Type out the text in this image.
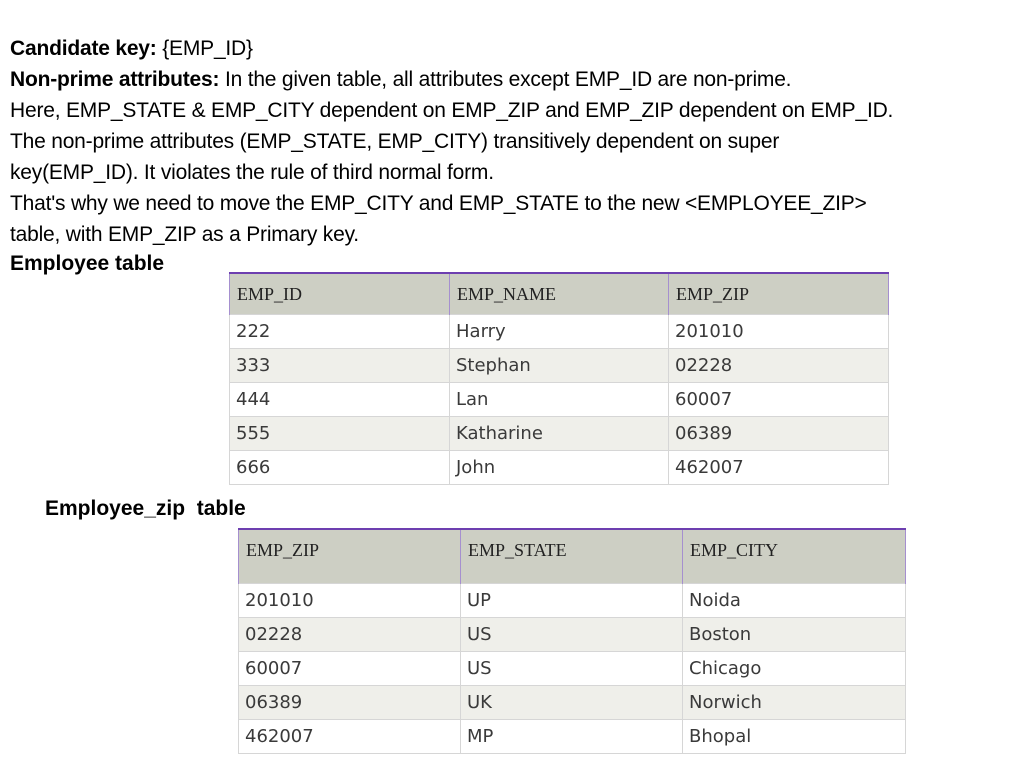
Candidate key: {EMP_ID}
Non-prime attributes: In the given table, all attributes except EMP_ID are non-prime.
Here, EMP_STATE & EMP_CITY dependent on EMP_ZIP and EMP_ZIP dependent on EMP_ID.
The non-prime attributes (EMP_STATE, EMP_CITY) transitively dependent on super
key(EMP_ID). It violates the rule of third normal form.
That's why we need to move the EMP_CITY and EMP_STATE to the new <EMPLOYEE_ZIP>
table, with EMP_ZIP as a Primary key.
Employee table
EMP_ID	EMP_NAME	EMP_ZIP
222	Harry	201010
333	Stephan	02228
444	Lan	60007
555	Katharine	06389
666	John	462007
Employee_zip  table
EMP_ZIP	EMP_STATE	EMP_CITY
201010	UP	Noida
02228	US	Boston
60007	US	Chicago
06389	UK	Norwich
462007	MP	Bhopal
